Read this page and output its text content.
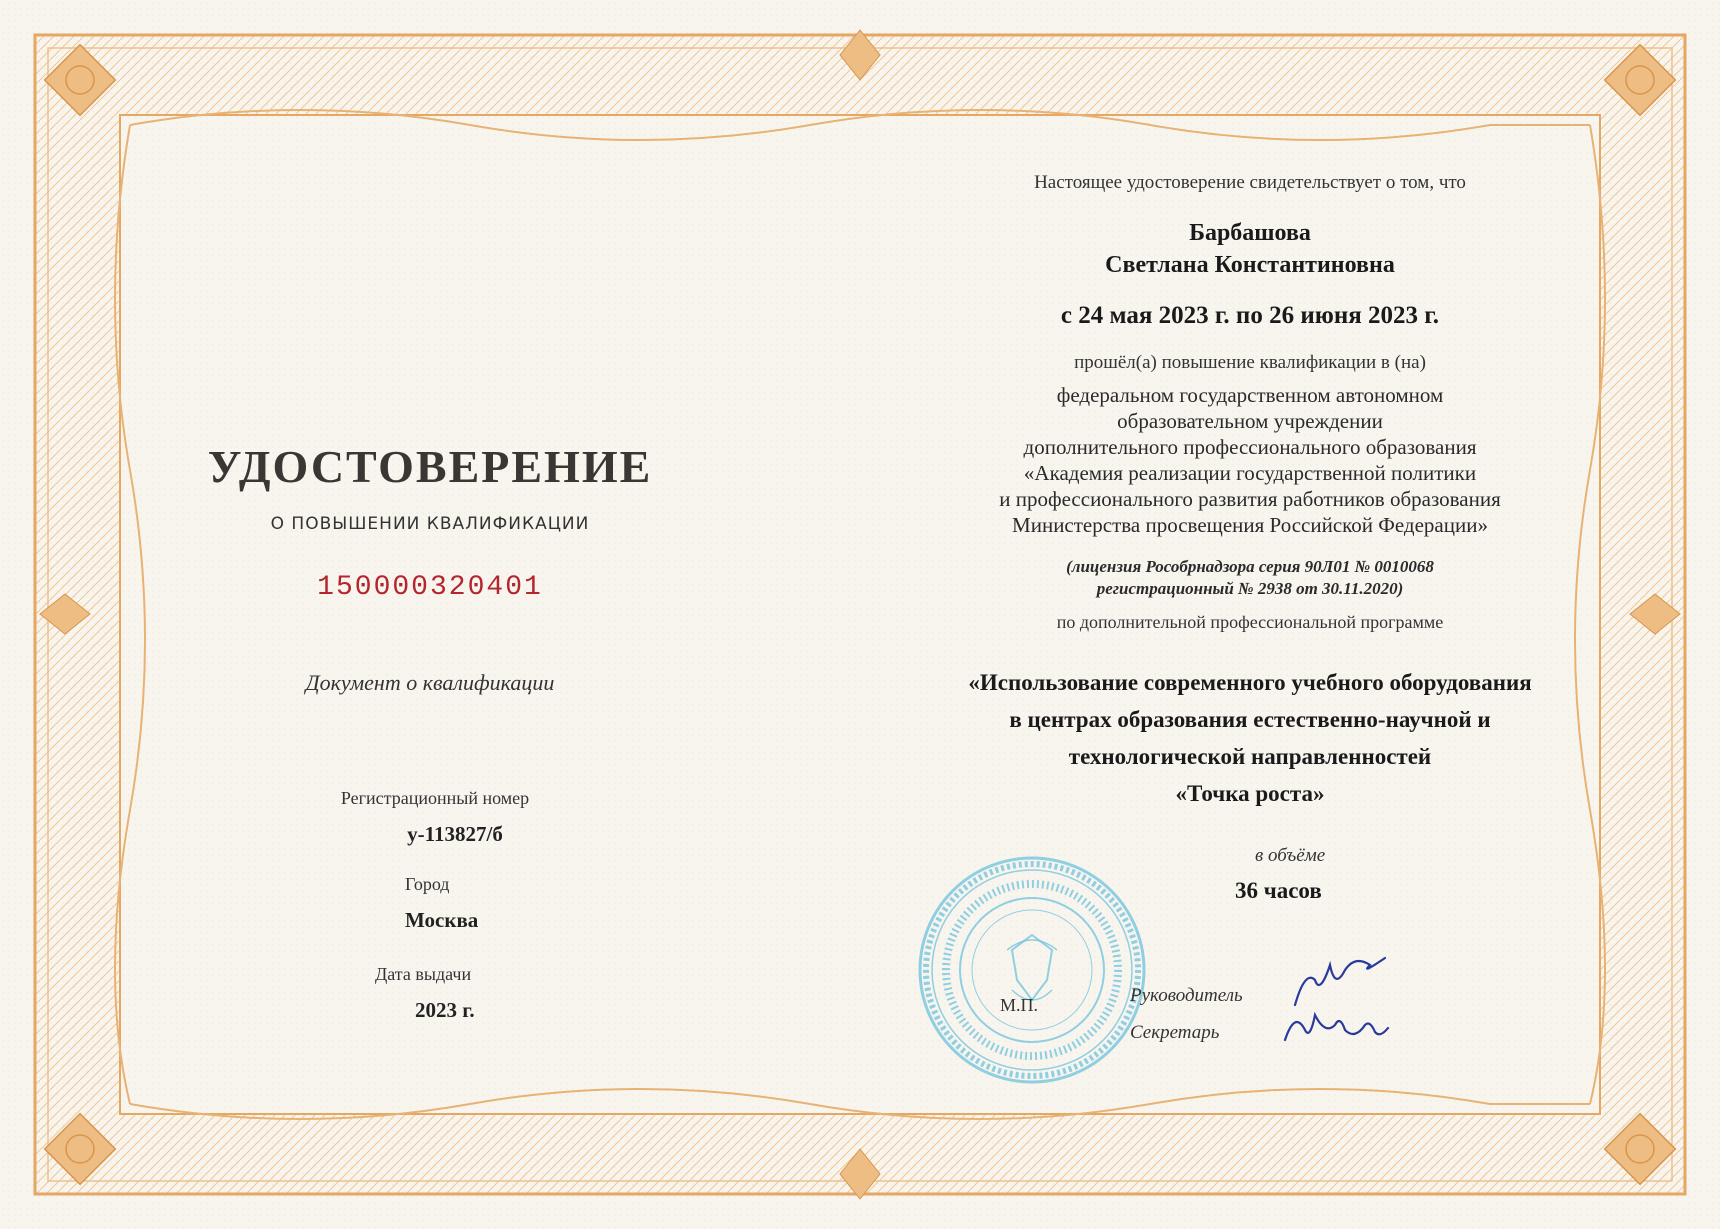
УДОСТОВЕРЕНИЕ
О ПОВЫШЕНИИ КВАЛИФИКАЦИИ
150000320401
Документ о квалификации
Регистрационный номер
у-113827/б
Город
Москва
Дата выдачи
2023 г.
Настоящее удостоверение свидетельствует о том, что
Барбашова
Светлана Константиновна
с 24 мая 2023 г. по 26 июня 2023 г.
прошёл(а) повышение квалификации в (на)
федеральном государственном автономном
образовательном учреждении
дополнительного профессионального образования
«Академия реализации государственной политики
и профессионального развития работников образования
Министерства просвещения Российской Федерации»
(лицензия Рособрнадзора серия 90Л01 № 0010068
регистрационный № 2938 от 30.11.2020)
по дополнительной профессиональной программе
«Использование современного учебного оборудования
в центрах образования естественно-научной и
технологической направленностей
«Точка роста»
в объёме
36 часов
М.П.	Руководитель
Секретарь
